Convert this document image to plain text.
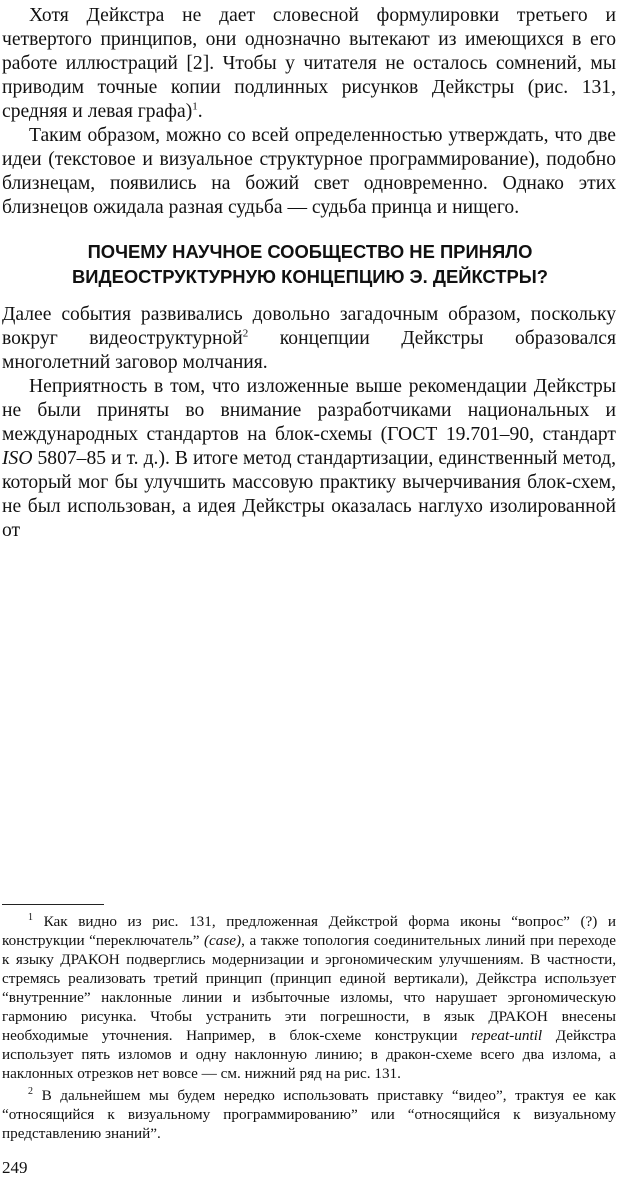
Хотя Дейкстра не дает словесной формулировки третьего и четвертого принципов, они однозначно вытекают из имеющихся в его работе иллюстраций [2]. Чтобы у читателя не осталось сомнений, мы приводим точные копии подлинных рисунков Дейкстры (рис. 131, средняя и левая графа)$^1$.

Таким образом, можно со всей определенностью утверждать, что две идеи (текстовое и визуальное структурное программирование), подобно близнецам, появились на божий свет одновременно. Однако этих близнецов ожидала разная судьба — судьба принца и нищего.

ПОЧЕМУ НАУЧНОЕ СООБЩЕСТВО НЕ ПРИНЯЛО
ВИДЕОСТРУКТУРНУЮ КОНЦЕПЦИЮ Э. ДЕЙКСТРЫ?

Далее события развивались довольно загадочным образом, поскольку вокруг видеоструктурной$^2$ концепции Дейкстры образовался многолетний заговор молчания.

Неприятность в том, что изложенные выше рекомендации Дейкстры не были приняты во внимание разработчиками национальных и международных стандартов на блок-схемы (ГОСТ 19.701–90, стандарт ISO 5807–85 и т. д.). В итоге метод стандартизации, единственный метод, который мог бы улучшить массовую практику вычерчивания блок-схем, не был использован, а идея Дейкстры оказалась наглухо изолированной от

$^1$ Как видно из рис. 131, предложенная Дейкстрой форма иконы “вопрос” (?) и конструкции “переключатель” (case), а также топология соединительных линий при переходе к языку ДРАКОН подверглись модернизации и эргономическим улучшениям. В частности, стремясь реализовать третий принцип (принцип единой вертикали), Дейкстра использует “внутренние” наклонные линии и избыточные изломы, что нарушает эргономическую гармонию рисунка. Чтобы устранить эти погрешности, в язык ДРАКОН внесены необходимые уточнения. Например, в блок-схеме конструкции repeat-until Дейкстра использует пять изломов и одну наклонную линию; в дракон-схеме всего два излома, а наклонных отрезков нет вовсе — см. нижний ряд на рис. 131.

$^2$ В дальнейшем мы будем нередко использовать приставку “видео”, трактуя ее как “относящийся к визуальному программированию” или “относящийся к визуальному представлению знаний”.

249
